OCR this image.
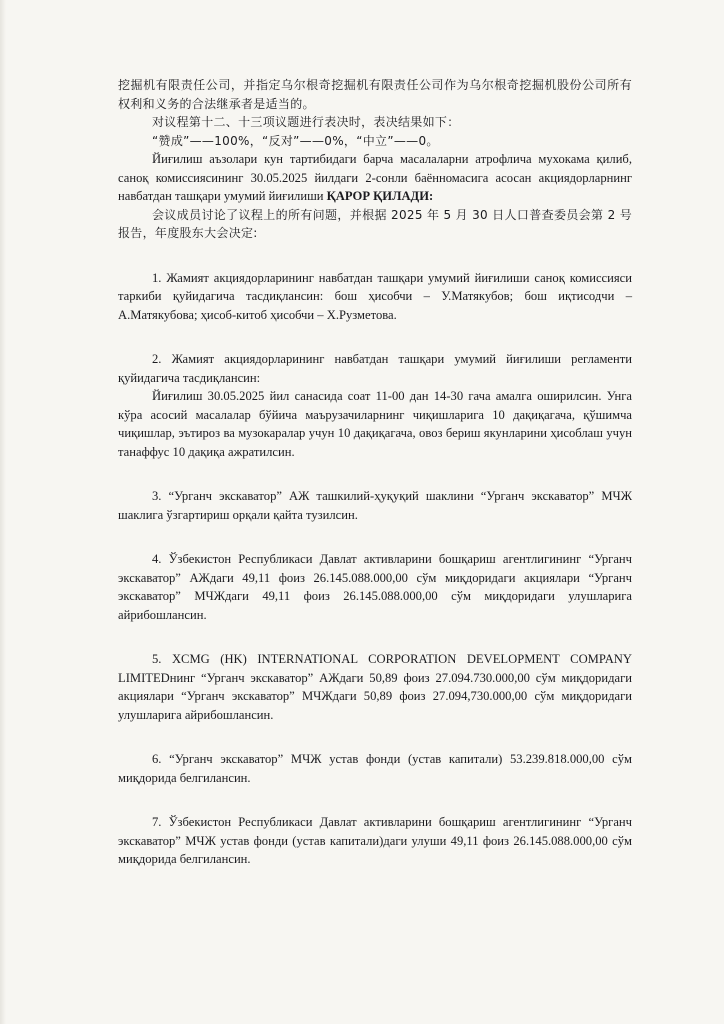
挖掘机有限责任公司，并指定乌尔根奇挖掘机有限责任公司作为乌尔根奇挖掘机股份公司所有权利和义务的合法继承者是适当的。

对议程第十二、十三项议题进行表决时，表决结果如下：

“赞成”——100%，“反对”——0%，“中立”——0。

Йиғилиш аъзолари кун тартибидаги барча масалаларни атрофлича мухокама қилиб, саноқ комиссиясининг 30.05.2025 йилдаги 2-сонли баённомасига асосан акциядорларнинг навбатдан ташқари умумий йиғилиши ҚАРОР ҚИЛАДИ:

会议成员讨论了议程上的所有问题，并根据 2025 年 5 月 30 日人口普查委员会第 2 号报告，年度股东大会决定:

1. Жамият акциядорларининг навбатдан ташқари умумий йиғилиши саноқ комиссияси таркиби қуйидагича тасдиқлансин: бош ҳисобчи – У.Матякубов; бош иқтисодчи – А.Матякубова; ҳисоб-китоб ҳисобчи – Х.Рузметова.

2. Жамият акциядорларининг навбатдан ташқари умумий йиғилиши регламенти қуйидагича тасдиқлансин:

Йиғилиш 30.05.2025 йил санасида соат 11-00 дан 14-30 гача амалга оширилсин. Унга кўра асосий масалалар бўйича маърузачиларнинг чиқишларига 10 дақиқагача, қўшимча чиқишлар, эътироз ва музокаралар учун 10 дақиқагача, овоз бериш якунларини ҳисоблаш учун танаффус 10 дақиқа ажратилсин.

3. “Урганч экскаватор” АЖ ташкилий-ҳуқуқий шаклини “Урганч экскаватор” МЧЖ шаклига ўзгартириш орқали қайта тузилсин.

4. Ўзбекистон Республикаси Давлат активларини бошқариш агентлигининг “Урганч экскаватор” АЖдаги 49,11 фоиз 26.145.088.000,00 сўм миқдоридаги акциялари “Урганч экскаватор” МЧЖдаги 49,11 фоиз 26.145.088.000,00 сўм миқдоридаги улушларига айрибошлансин.

5. XCMG (HK) INTERNATIONAL CORPORATION DEVELOPMENT COMPANY LIMITEDнинг “Урганч экскаватор” АЖдаги 50,89 фоиз 27.094.730.000,00 сўм миқдоридаги акциялари “Урганч экскаватор” МЧЖдаги 50,89 фоиз 27.094,730.000,00 сўм миқдоридаги улушларига айрибошлансин.

6. “Урганч экскаватор” МЧЖ устав фонди (устав капитали) 53.239.818.000,00 сўм миқдорида белгилансин.

7. Ўзбекистон Республикаси Давлат активларини бошқариш агентлигининг “Урганч экскаватор” МЧЖ устав фонди (устав капитали)даги улуши 49,11 фоиз 26.145.088.000,00 сўм миқдорида белгилансин.
